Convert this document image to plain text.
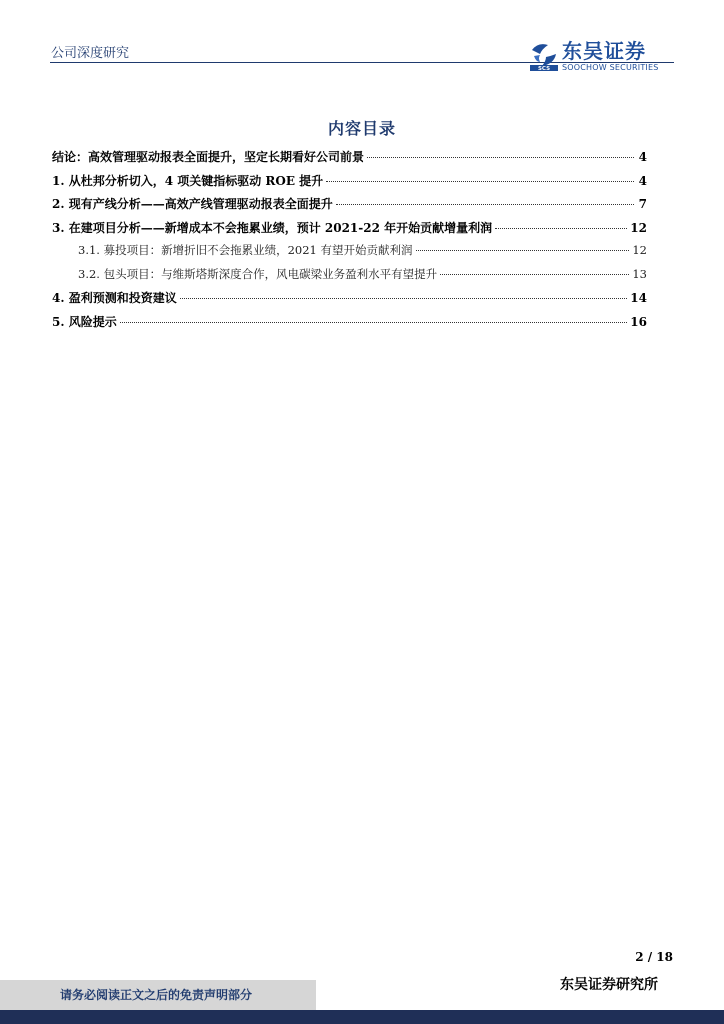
公司深度研究
SCS
东吴证券
SOOCHOW SECURITIES
内容目录
结论：高效管理驱动报表全面提升，坚定长期看好公司前景	4
1. 从杜邦分析切入，4 项关键指标驱动 ROE 提升	4
2. 现有产线分析——高效产线管理驱动报表全面提升	7
3. 在建项目分析——新增成本不会拖累业绩，预计 2021-22 年开始贡献增量利润	12
3.1. 募投项目：新增折旧不会拖累业绩，2021 有望开始贡献利润	12
3.2. 包头项目：与维斯塔斯深度合作，风电碳梁业务盈利水平有望提升	13
4. 盈利预测和投资建议	14
5. 风险提示	16
2 / 18
请务必阅读正文之后的免责声明部分
东吴证券研究所
